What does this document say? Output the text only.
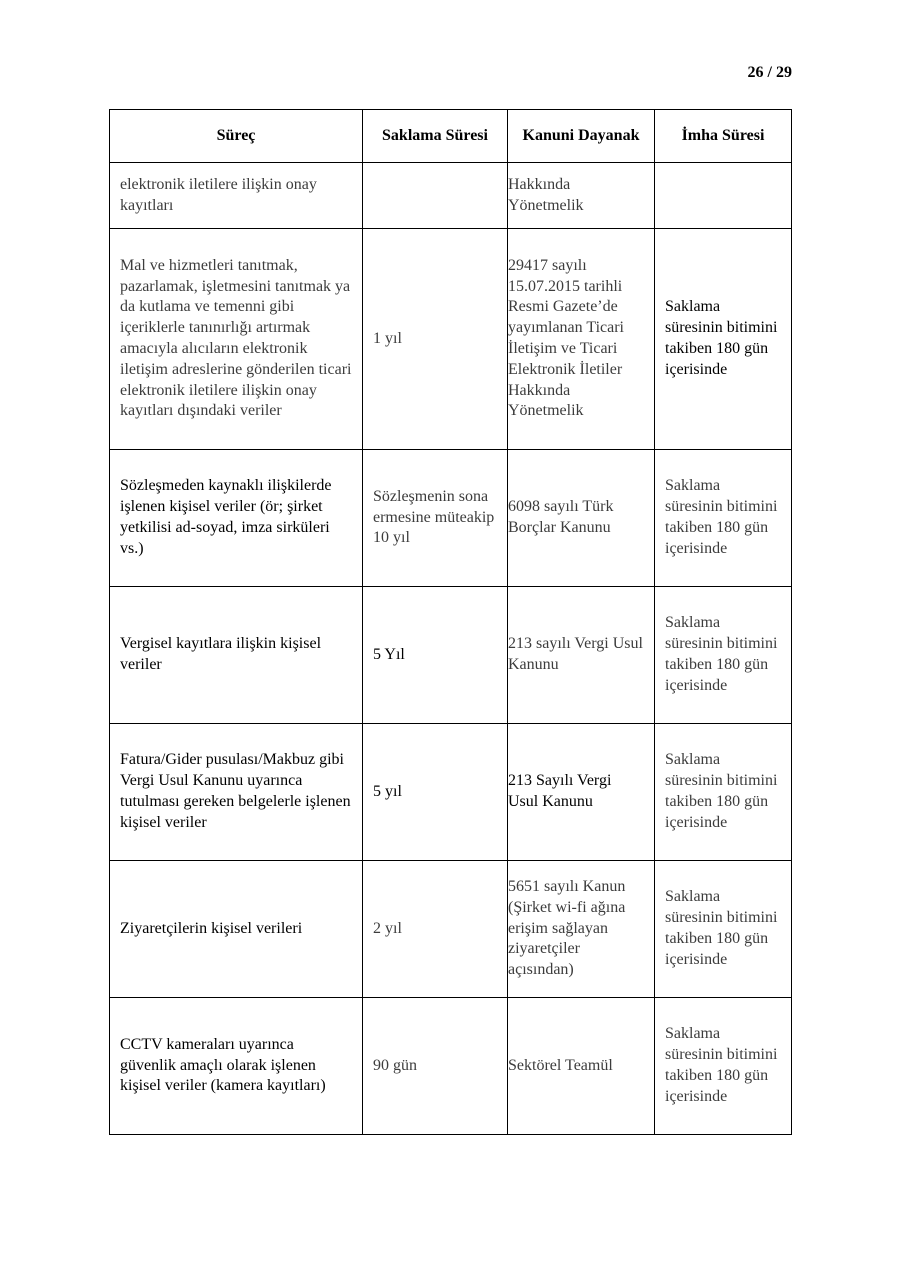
26 / 29
Süreç	Saklama Süresi	Kanuni Dayanak	İmha Süresi
elektronik iletilere ilişkin onay kayıtları		Hakkında Yönetmelik	
Mal ve hizmetleri tanıtmak, pazarlamak, işletmesini tanıtmak ya da kutlama ve temenni gibi içeriklerle tanınırlığı artırmak amacıyla alıcıların elektronik iletişim adreslerine gönderilen ticari elektronik iletilere ilişkin onay kayıtları dışındaki veriler	1 yıl	29417 sayılı 15.07.2015 tarihli Resmi Gazete’de yayımlanan Ticari İletişim ve Ticari Elektronik İletiler Hakkında Yönetmelik	Saklama süresinin bitimini takiben 180 gün içerisinde
Sözleşmeden kaynaklı ilişkilerde işlenen kişisel veriler (ör; şirket yetkilisi ad-soyad, imza sirküleri vs.)	Sözleşmenin sona ermesine müteakip 10 yıl	6098 sayılı Türk Borçlar Kanunu	Saklama süresinin bitimini takiben 180 gün içerisinde
Vergisel kayıtlara ilişkin kişisel veriler	5 Yıl	213 sayılı Vergi Usul Kanunu	Saklama süresinin bitimini takiben 180 gün içerisinde
Fatura/Gider pusulası/Makbuz gibi Vergi Usul Kanunu uyarınca tutulması gereken belgelerle işlenen kişisel veriler	5 yıl	213 Sayılı Vergi Usul Kanunu	Saklama süresinin bitimini takiben 180 gün içerisinde
Ziyaretçilerin kişisel verileri	2 yıl	5651 sayılı Kanun (Şirket wi-fi ağına erişim sağlayan ziyaretçiler açısından)	Saklama süresinin bitimini takiben 180 gün içerisinde
CCTV kameraları uyarınca güvenlik amaçlı olarak işlenen kişisel veriler (kamera kayıtları)	90 gün	Sektörel Teamül	Saklama süresinin bitimini takiben 180 gün içerisinde
